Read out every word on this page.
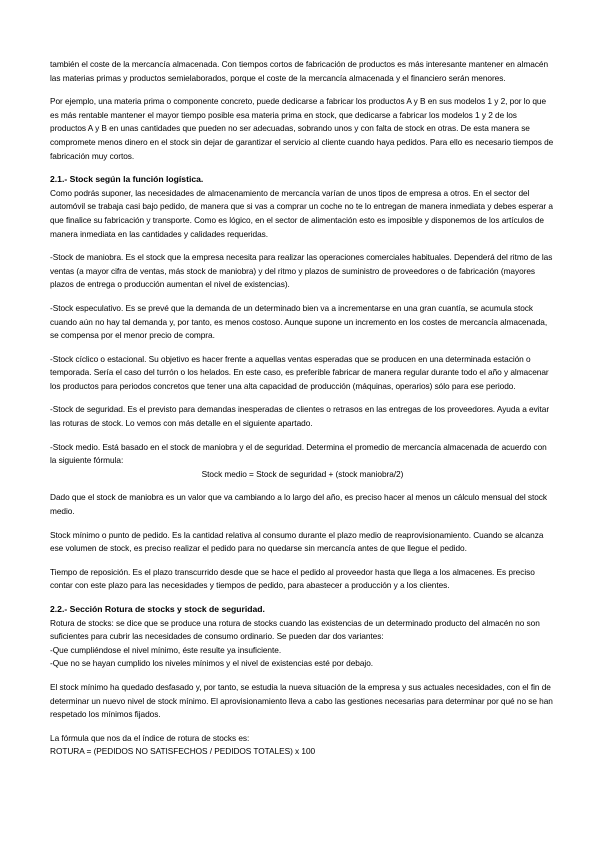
también el coste de la mercancía almacenada. Con tiempos cortos de fabricación de productos es más interesante mantener en almacén las materias primas y productos semielaborados, porque el coste de la mercancía almacenada y el financiero serán menores.

Por ejemplo, una materia prima o componente concreto, puede dedicarse a fabricar los productos A y B en sus modelos 1 y 2, por lo que es más rentable mantener el mayor tiempo posible esa materia prima en stock, que dedicarse a fabricar los modelos 1 y 2 de los productos A y B en unas cantidades que pueden no ser adecuadas, sobrando unos y con falta de stock en otras. De esta manera se compromete menos dinero en el stock sin dejar de garantizar el servicio al cliente cuando haya pedidos. Para ello es necesario tiempos de fabricación muy cortos.

2.1.- Stock según la función logística.

Como podrás suponer, las necesidades de almacenamiento de mercancía varían de unos tipos de empresa a otros. En el sector del automóvil se trabaja casi bajo pedido, de manera que si vas a comprar un coche no te lo entregan de manera inmediata y debes esperar a que finalice su fabricación y transporte. Como es lógico, en el sector de alimentación esto es imposible y disponemos de los artículos de manera inmediata en las cantidades y calidades requeridas.

-Stock de maniobra. Es el stock que la empresa necesita para realizar las operaciones comerciales habituales. Dependerá del ritmo de las ventas (a mayor cifra de ventas, más stock de maniobra) y del ritmo y plazos de suministro de proveedores o de fabricación (mayores plazos de entrega o producción aumentan el nivel de existencias).

-Stock especulativo. Es se prevé que la demanda de un determinado bien va a incrementarse en una gran cuantía, se acumula stock cuando aún no hay tal demanda y, por tanto, es menos costoso. Aunque supone un incremento en los costes de mercancía almacenada, se compensa por el menor precio de compra.

-Stock cíclico o estacional. Su objetivo es hacer frente a aquellas ventas esperadas que se producen en una determinada estación o temporada. Sería el caso del turrón o los helados. En este caso, es preferible fabricar de manera regular durante todo el año y almacenar los productos para periodos concretos que tener una alta capacidad de producción (máquinas, operarios) sólo para ese periodo.

-Stock de seguridad. Es el previsto para demandas inesperadas de clientes o retrasos en las entregas de los proveedores. Ayuda a evitar las roturas de stock. Lo vemos con más detalle en el siguiente apartado.

-Stock medio. Está basado en el stock de maniobra y el de seguridad. Determina el promedio de mercancía almacenada de acuerdo con la siguiente fórmula:

Stock medio = Stock de seguridad + (stock maniobra/2)

Dado que el stock de maniobra es un valor que va cambiando a lo largo del año, es preciso hacer al menos un cálculo mensual del stock medio.

Stock mínimo o punto de pedido. Es la cantidad relativa al consumo durante el plazo medio de reaprovisionamiento. Cuando se alcanza ese volumen de stock, es preciso realizar el pedido para no quedarse sin mercancía antes de que llegue el pedido.

Tiempo de reposición. Es el plazo transcurrido desde que se hace el pedido al proveedor hasta que llega a los almacenes. Es preciso contar con este plazo para las necesidades y tiempos de pedido, para abastecer a producción y a los clientes.

2.2.- Sección Rotura de stocks y stock de seguridad.

Rotura de stocks: se dice que se produce una rotura de stocks cuando las existencias de un determinado producto del almacén no son suficientes para cubrir las necesidades de consumo ordinario. Se pueden dar dos variantes:

-Que cumpliéndose el nivel mínimo, éste resulte ya insuficiente.

-Que no se hayan cumplido los niveles mínimos y el nivel de existencias esté por debajo.

El stock mínimo ha quedado desfasado y, por tanto, se estudia la nueva situación de la empresa y sus actuales necesidades, con el fin de determinar un nuevo nivel de stock mínimo. El aprovisionamiento lleva a cabo las gestiones necesarias para determinar por qué no se han respetado los mínimos fijados.

La fórmula que nos da el índice de rotura de stocks es:

ROTURA = (PEDIDOS NO SATISFECHOS / PEDIDOS TOTALES) x 100
